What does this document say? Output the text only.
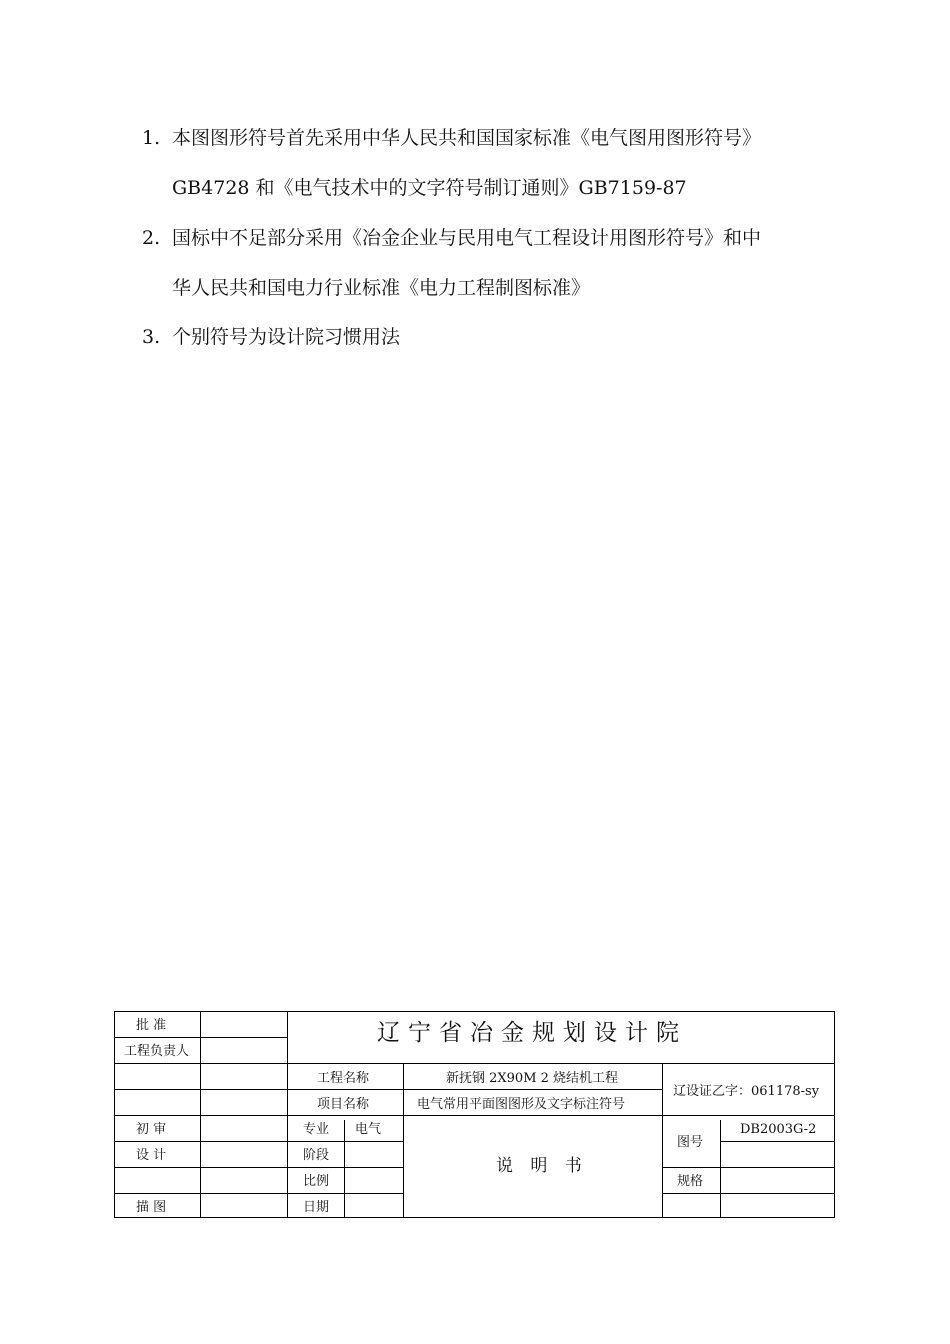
1. 本图图形符号首先采用中华人民共和国国家标准《电气图用图形符号》
GB4728 和《电气技术中的文字符号制订通则》GB7159-87
2. 国标中不足部分采用《冶金企业与民用电气工程设计用图形符号》和中
华人民共和国电力行业标准《电力工程制图标准》
3. 个别符号为设计院习惯用法
批 准
工程负责人
初 审
设 计
描 图
辽宁省冶金规划设计院
工程名称	新抚钢 2X90M 2 烧结机工程
项目名称	电气常用平面图图形及文字标注符号
辽设证乙字：061178-sy
专业 电气
阶段
比例
日期
说 明 书
图号
DB2003G-2
规格
